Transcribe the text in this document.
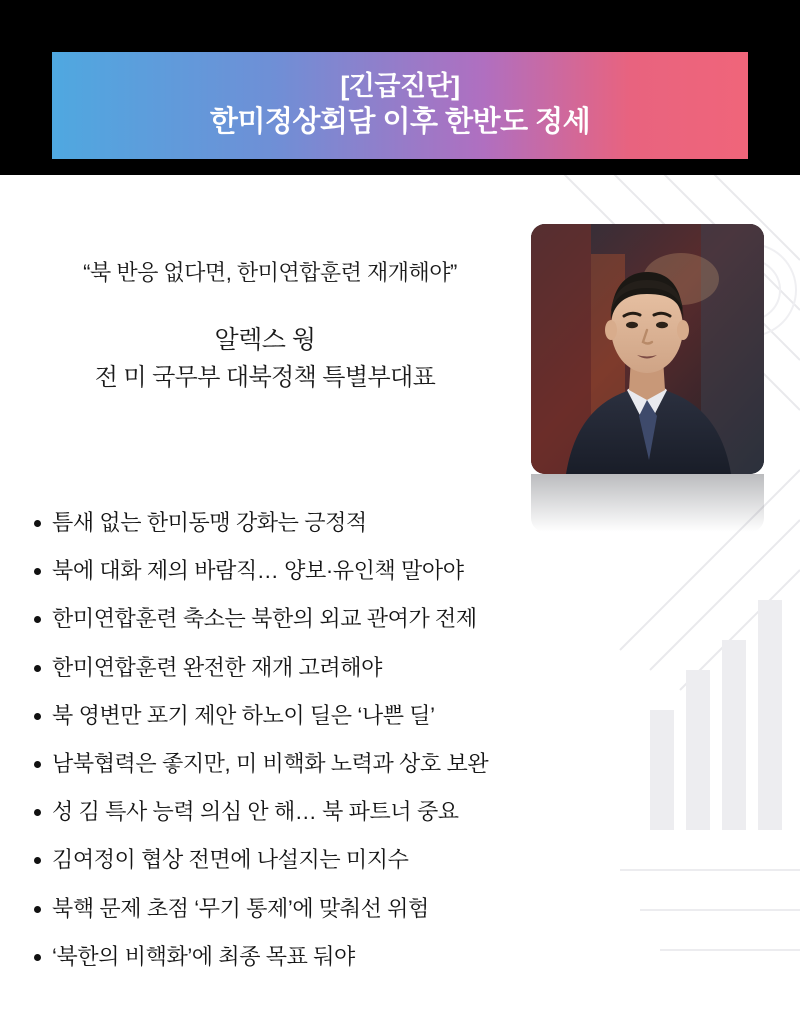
[긴급진단]
한미정상회담 이후 한반도 정세
“북 반응 없다면, 한미연합훈련 재개해야”
알렉스 웡
전 미 국무부 대북정책 특별부대표
틈새 없는 한미동맹 강화는 긍정적
북에 대화 제의 바람직… 양보·유인책 말아야
한미연합훈련 축소는 북한의 외교 관여가 전제
한미연합훈련 완전한 재개 고려해야
북 영변만 포기 제안 하노이 딜은 ‘나쁜 딜’
남북협력은 좋지만, 미 비핵화 노력과 상호 보완
성 김 특사 능력 의심 안 해… 북 파트너 중요
김여정이 협상 전면에 나설지는 미지수
북핵 문제 초점 ‘무기 통제’에 맞춰선 위험
‘북한의 비핵화’에 최종 목표 둬야
